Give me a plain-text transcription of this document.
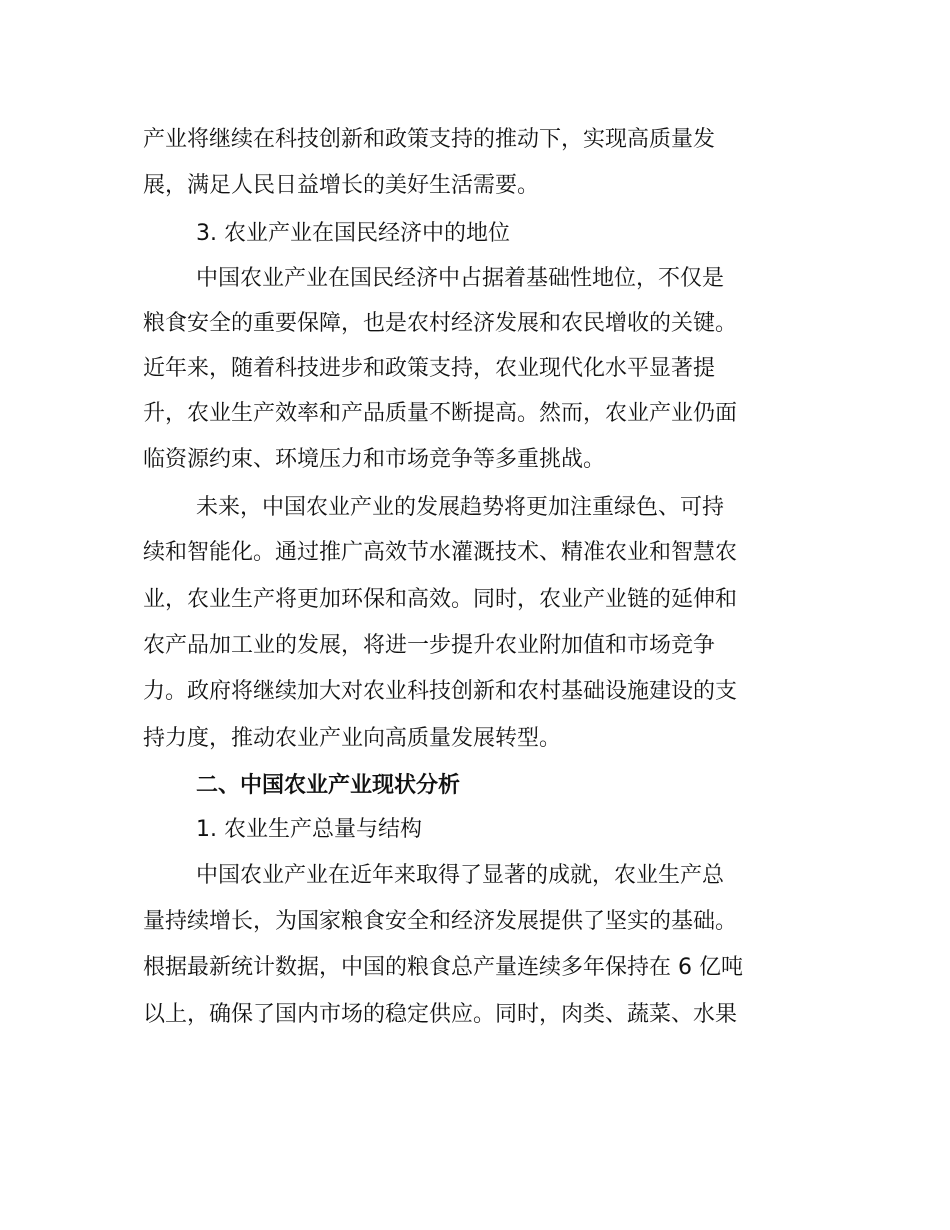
产业将继续在科技创新和政策支持的推动下，实现高质量发
展，满足人民日益增长的美好生活需要。
3. 农业产业在国民经济中的地位
中国农业产业在国民经济中占据着基础性地位，不仅是
粮食安全的重要保障，也是农村经济发展和农民增收的关键。
近年来，随着科技进步和政策支持，农业现代化水平显著提
升，农业生产效率和产品质量不断提高。然而，农业产业仍面
临资源约束、环境压力和市场竞争等多重挑战。
未来，中国农业产业的发展趋势将更加注重绿色、可持
续和智能化。通过推广高效节水灌溉技术、精准农业和智慧农
业，农业生产将更加环保和高效。同时，农业产业链的延伸和
农产品加工业的发展，将进一步提升农业附加值和市场竞争
力。政府将继续加大对农业科技创新和农村基础设施建设的支
持力度，推动农业产业向高质量发展转型。
二、中国农业产业现状分析
1. 农业生产总量与结构
中国农业产业在近年来取得了显著的成就，农业生产总
量持续增长，为国家粮食安全和经济发展提供了坚实的基础。
根据最新统计数据，中国的粮食总产量连续多年保持在 6 亿吨
以上，确保了国内市场的稳定供应。同时，肉类、蔬菜、水果
